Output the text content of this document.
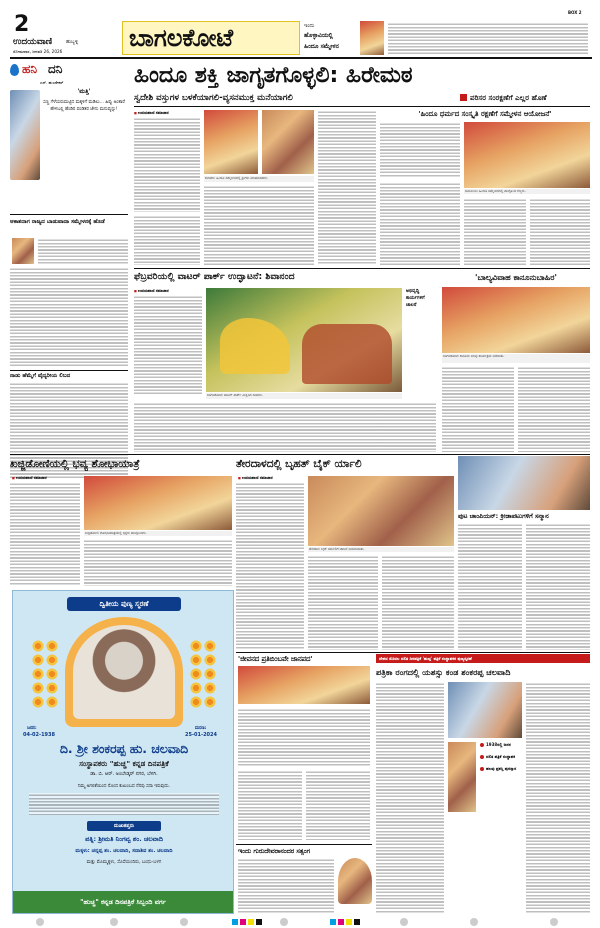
2
ಉದಯವಾಣಿ	ಹುಬ್ಬಳ್ಳಿ
ಸೋಮವಾರ, ಜನವರಿ 26, 2026	ಬಾಗಲಕೋಟೆ	ಇಂದು
ಹೊಳ್ಳಾವಿಯಲ್ಲಿ
ಹಿಂದೂ ಸಮ್ಮೇಳನ
BOX 2
ಹನಿ ದನಿ
ಎಸ್. ಹುಂಡೇಕರ್
'ಮತ್ತಿ'
ಸಣ್ಣ ಗೆಳೆಯರುಮಟ್ಟಿದ ಮಕ್ಕಳಿಗೆ ಮಡಿಲು... ಹಿಪ್ಪು ಅಂತಾರೆ ಹೇಳಬಲ್ಲಿ ಹೆಂಡಿರ ಪಂಡಿತರ ಜೇನು ಮನುಷ್ಯನ್ನು!
ಆಕಾಶದಾಗ ರಾಜ್ಯದ ಬಾಡುವಾದಾ ಸಮ್ಮೇಳನಕ್ಕೆ ಹೊಡೆ
ನಾಡು ಹೆಮ್ಮೆಗೆ ವೈದ್ಯರೀಯ ಲಿಬದ
ಹಿಂದೂ ಶಕ್ತಿ ಜಾಗೃತಗೊಳ್ಳಲಿ: ಹಿರೇಮಠ
ಸ್ವದೇಶಿ ವಸ್ತುಗಳ ಬಳಕೆಯಾಗಲಿ-ವ್ಯಸನಮುಕ್ತ ಮನೆಯಾಗಲಿ	ಪರಿಸರ ಸಂರಕ್ಷಣೆಗೆ ಎಲ್ಲರ ಹೊಣೆ
■ ಉದಯವಾಣಿ ಸಮಾಚಾರ
ಕಲಾದಗಿ: ಹಿಂದೂ ಸಮ್ಮೇಳನದಲ್ಲಿ ಶ್ರೀಗಳು ಮಾತನಾಡಿದರು.
'ಹಿಂದೂ ಧರ್ಮದ ಸಂಸ್ಕೃತಿ ರಕ್ಷಣೆಗೆ ಸಮ್ಮೇಳನ ಆಯೋಜನೆ'
ಜಮಖಂಡಿ: ಹಿಂದೂ ಸಮ್ಮೇಳನದಲ್ಲಿ ಪಾಲ್ಗೊಂಡ ಗಣ್ಯರು.
ಫೆಬ್ರವರಿಯಲ್ಲಿ ವಾಟರ್ ಪಾರ್ಕ್ ಉದ್ಘಾಟನೆ: ಶಿವಾನಂದ
■ ಉದಯವಾಣಿ ಸಮಾಚಾರ	ಅಭಿವೃದ್ಧಿ ಕಾರ್ಯಗಳಿಗೆ ಚಾಲನೆ
ಬಾಗಲಕೋಟೆ: ವಾಟರ್ ಪಾರ್ಕ್ ವೀಕ್ಷಿಸಿದ ಸಚಿವರು.
'ಬಾಲ್ಯವಿವಾಹ ಕಾನೂನುಬಾಹಿರ'
ಬಾಗಲಕೋಟೆ: ಕಾನೂನು ಅರಿವು ಕಾರ್ಯಕ್ರಮ ನಡೆಯಿತು.
ಖಜ್ಜಿಡೋಣಿಯಲ್ಲಿ ಭವ್ಯ ಶೋಭಾಯಾತ್ರೆ
■ ಉದಯವಾಣಿ ಸಮಾಚಾರ
ಖಜ್ಜಿಡೋಣಿ: ಶೋಭಾಯಾತ್ರೆಯಲ್ಲಿ ಭಕ್ತರು ಪಾಲ್ಗೊಂಡರು.
ತೇರದಾಳದಲ್ಲಿ ಬೃಹತ್ ಬೈಕ್ ರ್ಯಾಲಿ
■ ಉದಯವಾಣಿ ಸಮಾಚಾರ
ತೇರದಾಳ: ಬೈಕ್ ರ್ಯಾಲಿಗೆ ಚಾಲನೆ ನೀಡಲಾಯಿತು.
ಪುಟ ಚಾಂಪಿಯನ್: ಕ್ರೀಡಾಪಟುಗಳಿಗೆ ಸನ್ಮಾನ
ದ್ವಿತೀಯ ಪುಣ್ಯ ಸ್ಮರಣೆ
ಜನನ:
04-02-1938
ಮರಣ:
25-01-2024
ದಿ. ಶ್ರೀ ಶಂಕರಪ್ಪ ಹು. ಚಲವಾದಿ
ಸಂಸ್ಥಾಪಕರು "ಹುಚ್ಚ" ಕನ್ನಡ ದಿನಪತ್ರಿಕೆ
ಡಾ. ಬಿ. ಆರ್. ಅಂಬೇಡ್ಕರ್ ನಗರ, ಬೆಳಗಿ.
ನಿಮ್ಮ ಅಗಲಿಕೆಯಿಂದ ನೊಂದ ಕುಟುಂಬದ ನೆನಪು ಸದಾ ಇರುವುದು.
ದುಃಖತಪ್ತರು
ಪತ್ನಿ: ಶ್ರೀಮತಿ ನಿಂಗವ್ವ ಶಂ. ಚಲವಾದಿ
ಮಕ್ಕಳು: ಚನ್ನಪ್ಪ ಶಂ. ಚಲವಾದಿ, ಸದಾಶಿವ ಶಂ. ಚಲವಾದಿ
ಮತ್ತು ಮೊಮ್ಮಕ್ಕಳು, ಸೊಸೆಯಂದಿರು, ಬಂಧು-ಬಳಗ
"ಹುಚ್ಚ" ಕನ್ನಡ ದಿನಪತ್ರಿಕೆ ಸಿಬ್ಬಂದಿ ವರ್ಗ
'ಜೀವನದ ಪ್ರತಿಬಿಂಬವೇ ಜಾನಪದ'
ಇಂದು ಗುರುದೇವರಾನಂದರ ಸತ್ಸಂಗ
ದೇಶದ ಮೊದಲ ದಲಿತ ದಿನಪತ್ರಿಕೆ 'ಹುಚ್ಚ' ಪತ್ರಿಕೆ ಸಂಸ್ಥಾಪಕರ ಪುಣ್ಯಸ್ಮರಣೆ
ಪತ್ರಿಕಾ ರಂಗದಲ್ಲಿ ಯಶಸ್ಸು ಕಂಡ ಶಂಕರಪ್ಪ ಚಲವಾದಿ
1938ರಲ್ಲಿ ಜನನ
ದಲಿತ ಪತ್ರಿಕೆ ಸಂಸ್ಥಾಪಕ
ಹಲವು ಪ್ರಶಸ್ತಿ ಪುರಸ್ಕಾರ
